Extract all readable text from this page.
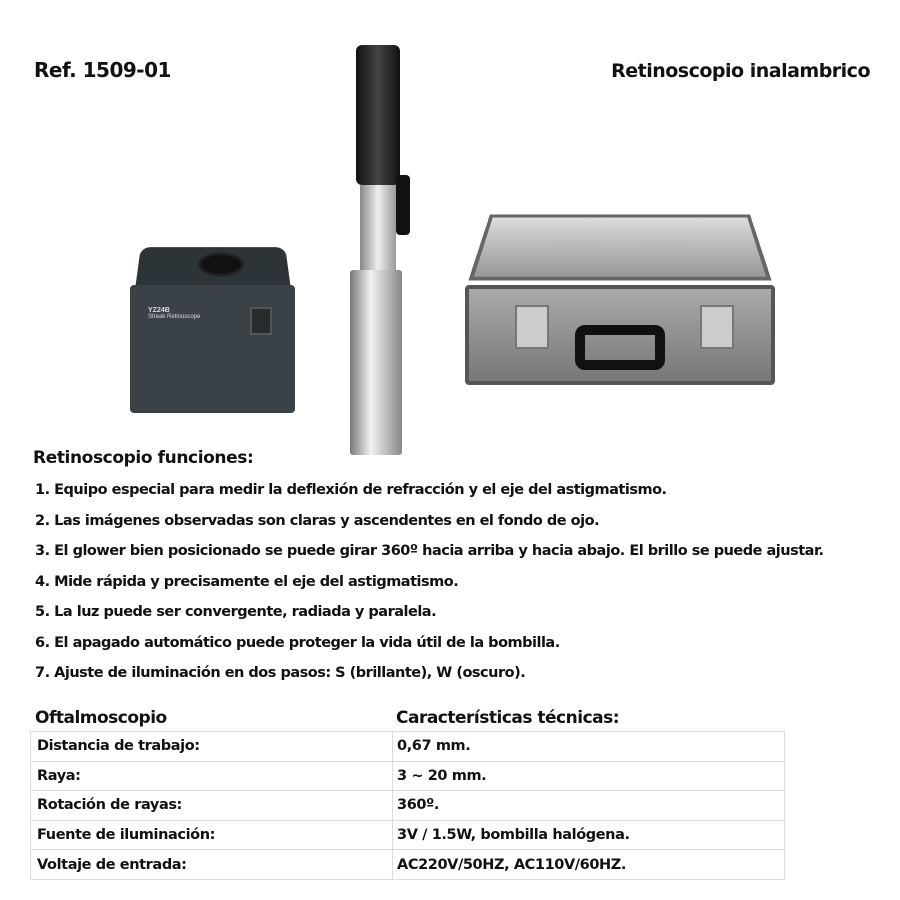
Ref. 1509-01	Retinoscopio inalambrico
YZ24B
Streak Retinoscope
Retinoscopio funciones:
1. Equipo especial para medir la deflexión de refracción y el eje del astigmatismo.
2. Las imágenes observadas son claras y ascendentes en el fondo de ojo.
3. El glower bien posicionado se puede girar 360º hacia arriba y hacia abajo. El brillo se puede ajustar.
4. Mide rápida y precisamente el eje del astigmatismo.
5. La luz puede ser convergente, radiada y paralela.
6. El apagado automático puede proteger la vida útil de la bombilla.
7. Ajuste de iluminación en dos pasos: S (brillante), W (oscuro).
Oftalmoscopio	Características técnicas:
Distancia de trabajo:	0,67 mm.
Raya:	3 ~ 20 mm.
Rotación de rayas:	360º.
Fuente de iluminación:	3V / 1.5W, bombilla halógena.
Voltaje de entrada:	AC220V/50HZ, AC110V/60HZ.
